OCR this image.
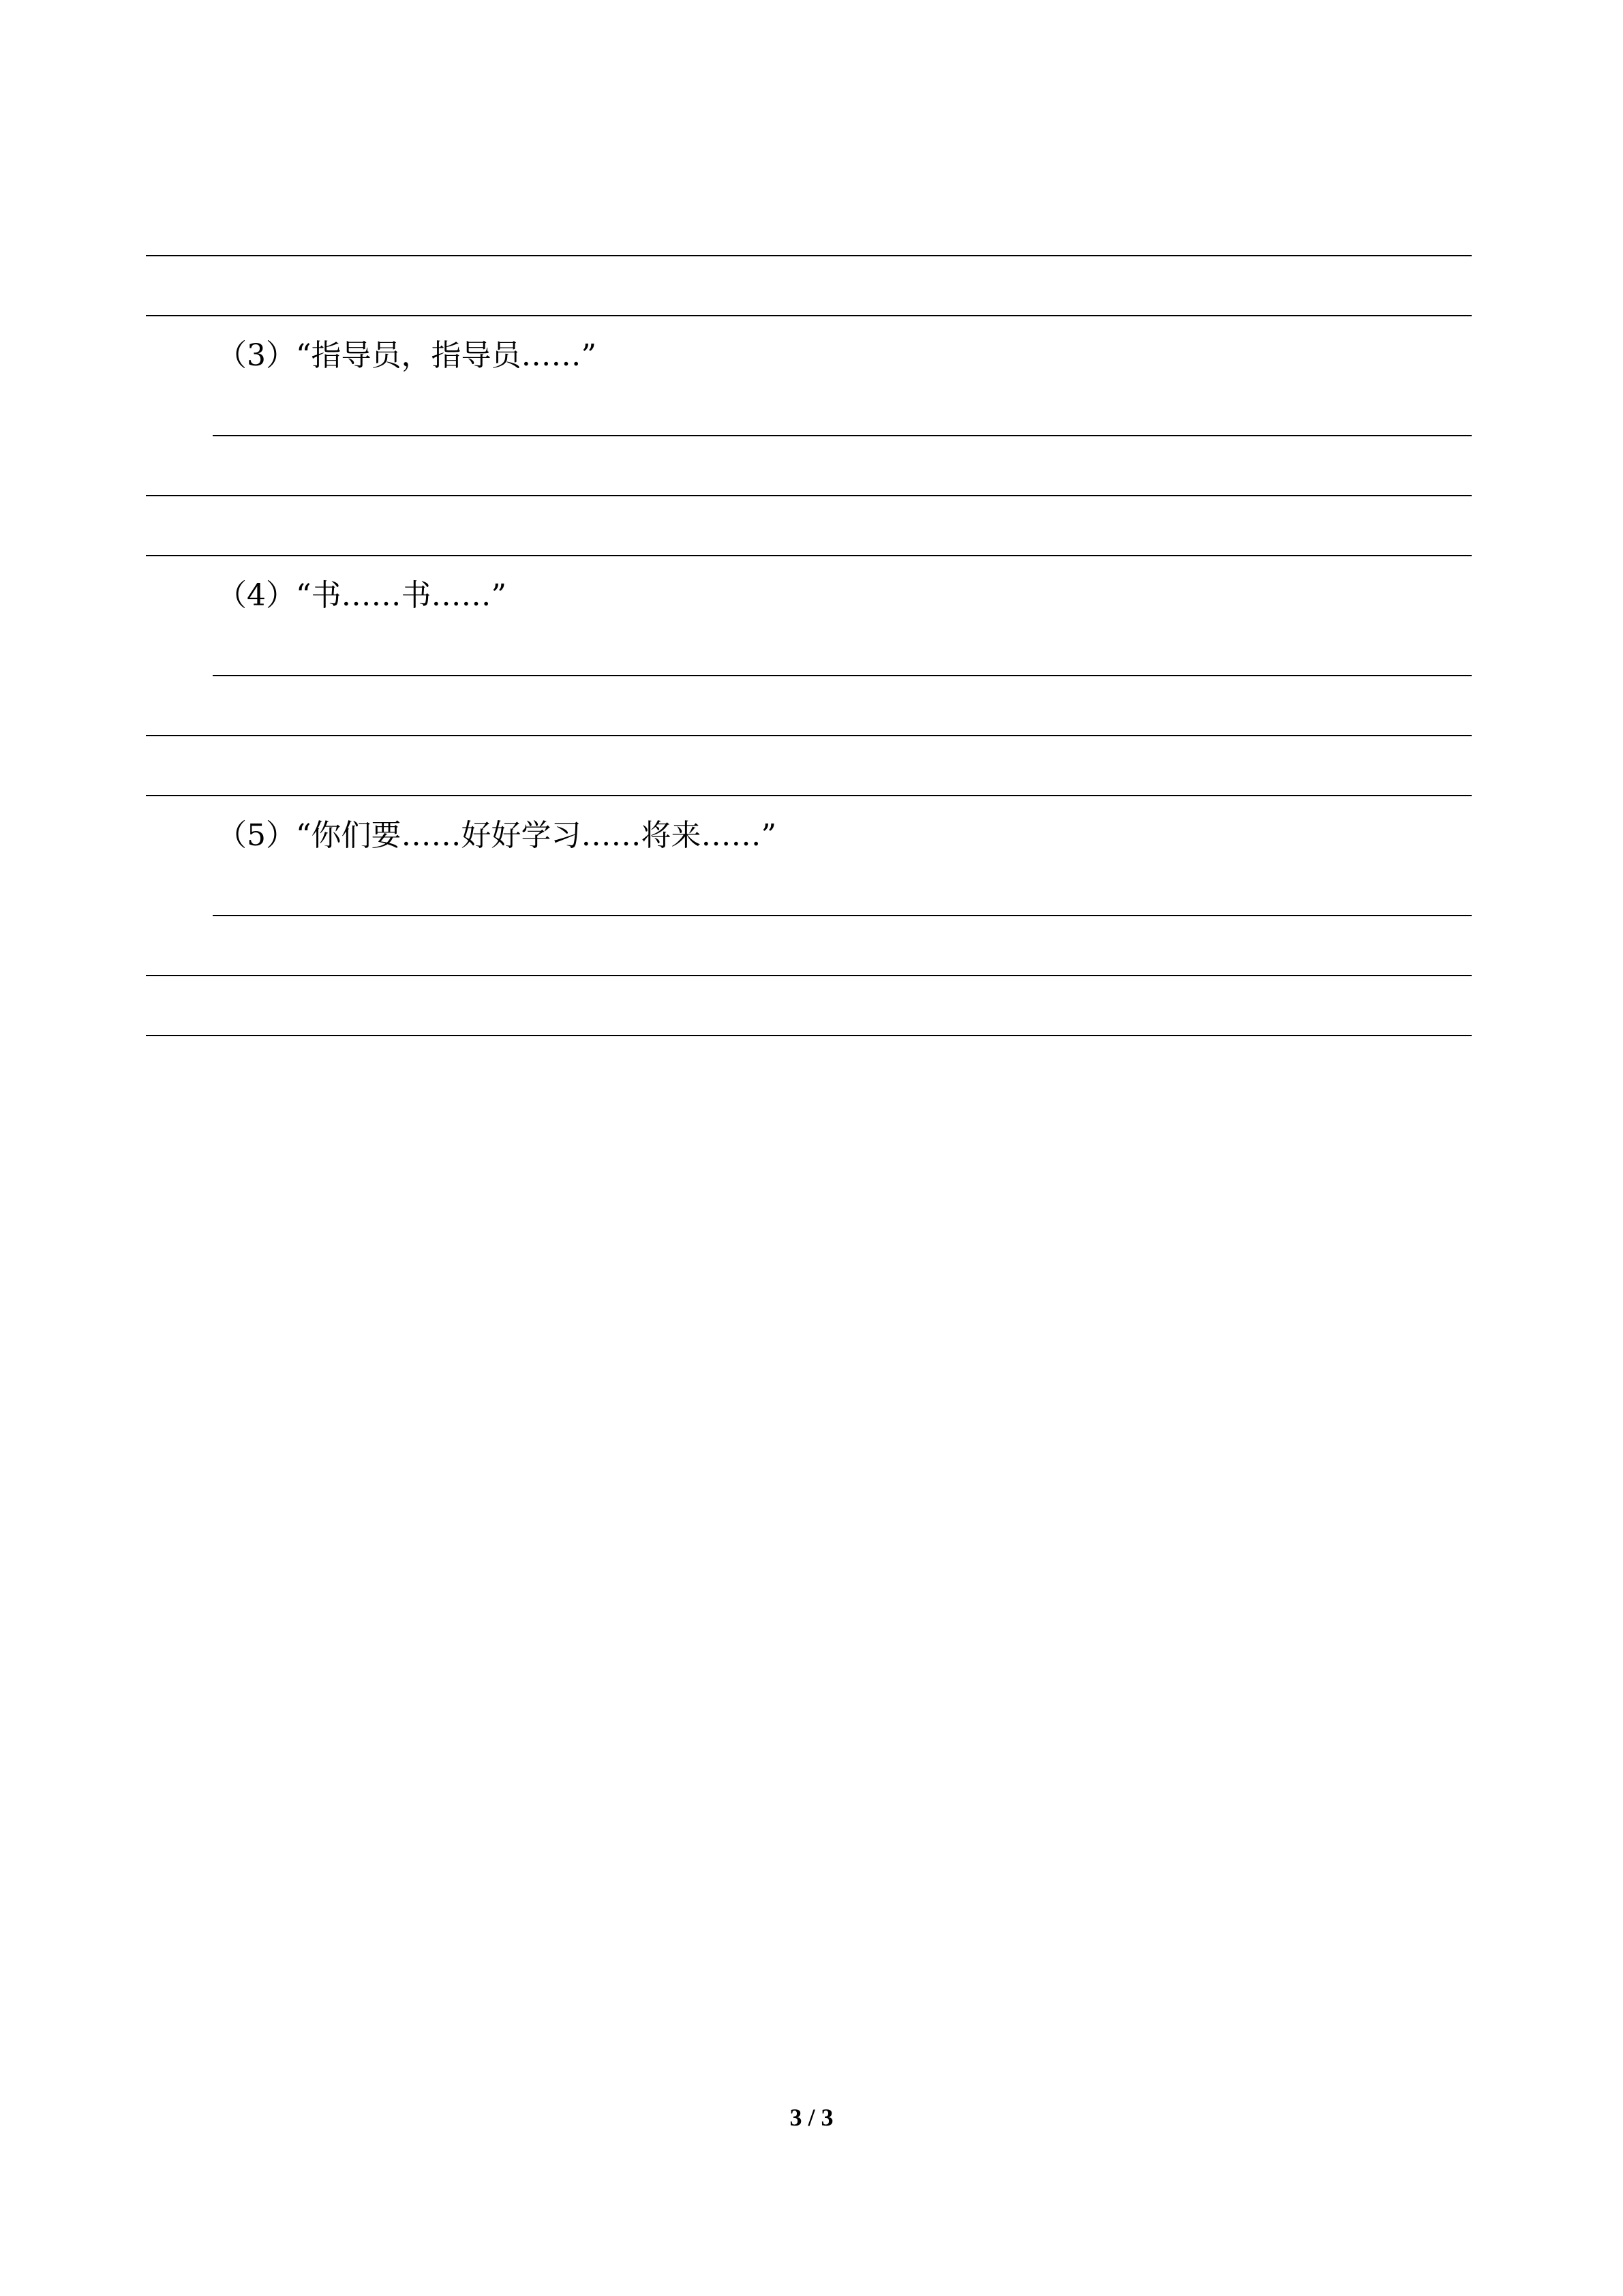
（3）“指导员，指导员……”
（4）“书……书……”
（5）“你们要……好好学习……将来……”
3 / 3
